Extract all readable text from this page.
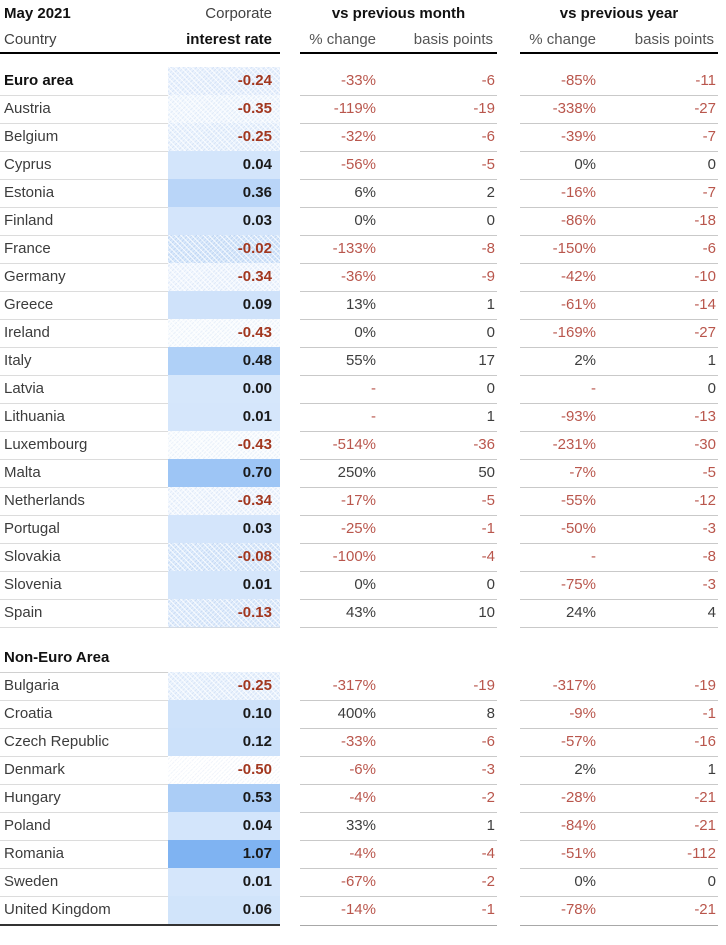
May 2021	Corporate	vs previous month	vs previous year
Country	interest rate	% change	basis points	% change	basis points
Euro area	-0.24	-33%	-6	-85%	-11
Austria	-0.35	-119%	-19	-338%	-27
Belgium	-0.25	-32%	-6	-39%	-7
Cyprus	0.04	-56%	-5	0%	0
Estonia	0.36	6%	2	-16%	-7
Finland	0.03	0%	0	-86%	-18
France	-0.02	-133%	-8	-150%	-6
Germany	-0.34	-36%	-9	-42%	-10
Greece	0.09	13%	1	-61%	-14
Ireland	-0.43	0%	0	-169%	-27
Italy	0.48	55%	17	2%	1
Latvia	0.00	-	0	-	0
Lithuania	0.01	-	1	-93%	-13
Luxembourg	-0.43	-514%	-36	-231%	-30
Malta	0.70	250%	50	-7%	-5
Netherlands	-0.34	-17%	-5	-55%	-12
Portugal	0.03	-25%	-1	-50%	-3
Slovakia	-0.08	-100%	-4	-	-8
Slovenia	0.01	0%	0	-75%	-3
Spain	-0.13	43%	10	24%	4
Non-Euro Area
Bulgaria	-0.25	-317%	-19	-317%	-19
Croatia	0.10	400%	8	-9%	-1
Czech Republic	0.12	-33%	-6	-57%	-16
Denmark	-0.50	-6%	-3	2%	1
Hungary	0.53	-4%	-2	-28%	-21
Poland	0.04	33%	1	-84%	-21
Romania	1.07	-4%	-4	-51%	-112
Sweden	0.01	-67%	-2	0%	0
United Kingdom	0.06	-14%	-1	-78%	-21
